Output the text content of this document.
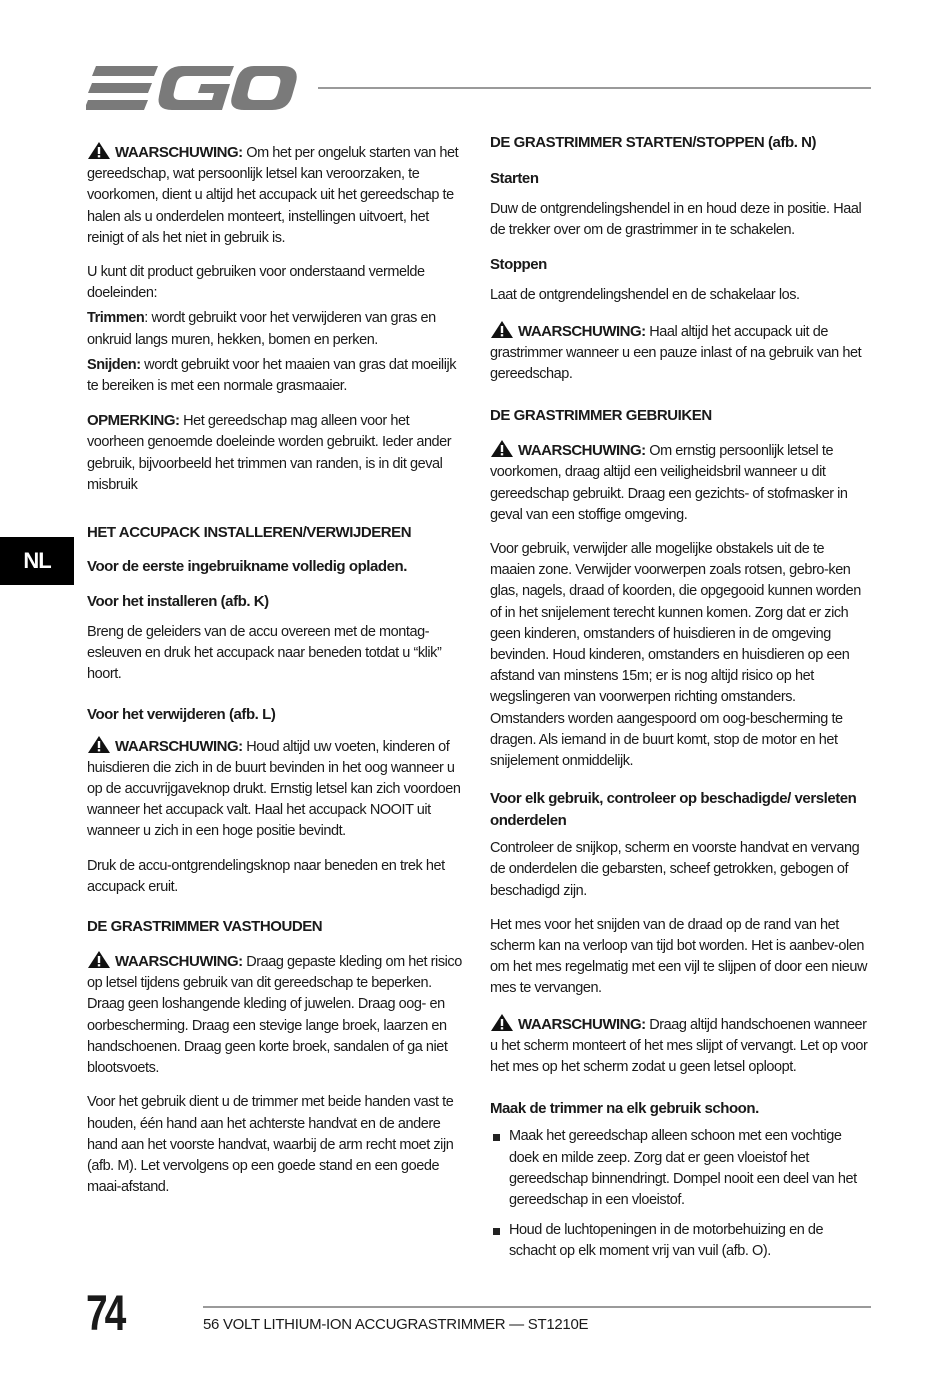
NL

WAARSCHUWING: Om het per ongeluk starten van het gereedschap, wat persoonlijk letsel kan veroorzaken, te voorkomen, dient u altijd het accupack uit het gereedschap te halen als u onderdelen monteert, instellingen uitvoert, het reinigt of als het niet in gebruik is.

U kunt dit product gebruiken voor onderstaand vermelde doeleinden:

Trimmen: wordt gebruikt voor het verwijderen van gras en onkruid langs muren, hekken, bomen en perken.

Snijden: wordt gebruikt voor het maaien van gras dat moeilijk te bereiken is met een normale grasmaaier.

OPMERKING: Het gereedschap mag alleen voor het voorheen genoemde doeleinde worden gebruikt. Ieder ander gebruik, bijvoorbeeld het trimmen van randen, is in dit geval misbruik

HET ACCUPACK INSTALLEREN/VERWIJDEREN
Voor de eerste ingebruikname volledig opladen.
Voor het installeren (afb. K)

Breng de geleiders van de accu overeen met de montag-esleuven en druk het accupack naar beneden totdat u “klik” hoort.

Voor het verwijderen (afb. L)

WAARSCHUWING: Houd altijd uw voeten, kinderen of huisdieren die zich in de buurt bevinden in het oog wanneer u op de accuvrijgaveknop drukt. Ernstig letsel kan zich voordoen wanneer het accupack valt. Haal het accupack NOOIT uit wanneer u zich in een hoge positie bevindt.

Druk de accu-ontgrendelingsknop naar beneden en trek het accupack eruit.

DE GRASTRIMMER VASTHOUDEN

WAARSCHUWING: Draag gepaste kleding om het risico op letsel tijdens gebruik van dit gereedschap te beperken. Draag geen loshangende kleding of juwelen. Draag oog- en oorbescherming. Draag een stevige lange broek, laarzen en handschoenen. Draag geen korte broek, sandalen of ga niet blootsvoets.

Voor het gebruik dient u de trimmer met beide handen vast te houden, één hand aan het achterste handvat en de andere hand aan het voorste handvat, waarbij de arm recht moet zijn (afb. M). Let vervolgens op een goede stand en een goede maai-afstand.

DE GRASTRIMMER STARTEN/STOPPEN (afb. N)
Starten

Duw de ontgrendelingshendel in en houd deze in positie. Haal de trekker over om de grastrimmer in te schakelen.

Stoppen

Laat de ontgrendelingshendel en de schakelaar los.

WAARSCHUWING: Haal altijd het accupack uit de grastrimmer wanneer u een pauze inlast of na gebruik van het gereedschap.

DE GRASTRIMMER GEBRUIKEN

WAARSCHUWING: Om ernstig persoonlijk letsel te voorkomen, draag altijd een veiligheidsbril wanneer u dit gereedschap gebruikt. Draag een gezichts- of stofmasker in geval van een stoffige omgeving.

Voor gebruik, verwijder alle mogelijke obstakels uit de te maaien zone. Verwijder voorwerpen zoals rotsen, gebro-ken glas, nagels, draad of koorden, die opgegooid kunnen worden of in het snijelement terecht kunnen komen. Zorg dat er zich geen kinderen, omstanders of huisdieren in de omgeving bevinden. Houd kinderen, omstanders en huisdieren op een afstand van minstens 15m; er is nog altijd risico op het wegslingeren van voorwerpen richting omstanders. Omstanders worden aangespoord om oog-bescherming te dragen. Als iemand in de buurt komt, stop de motor en het snijelement onmiddelijk.

Voor elk gebruik, controleer op beschadigde/ versleten onderdelen

Controleer de snijkop, scherm en voorste handvat en vervang de onderdelen die gebarsten, scheef getrokken, gebogen of beschadigd zijn.

Het mes voor het snijden van de draad op de rand van het scherm kan na verloop van tijd bot worden. Het is aanbev-olen om het mes regelmatig met een vijl te slijpen of door een nieuw mes te vervangen.

WAARSCHUWING: Draag altijd handschoenen wanneer u het scherm monteert of het mes slijpt of vervangt. Let op voor het mes op het scherm zodat u geen letsel oploopt.

Maak de trimmer na elk gebruik schoon.
Maak het gereedschap alleen schoon met een vochtige doek en milde zeep. Zorg dat er geen vloeistof het gereedschap binnendringt. Dompel nooit een deel van het gereedschap in een vloeistof.
Houd de luchtopeningen in de motorbehuizing en de schacht op elk moment vrij van vuil (afb. O).
74	56 VOLT LITHIUM-ION ACCUGRASTRIMMER — ST1210E
